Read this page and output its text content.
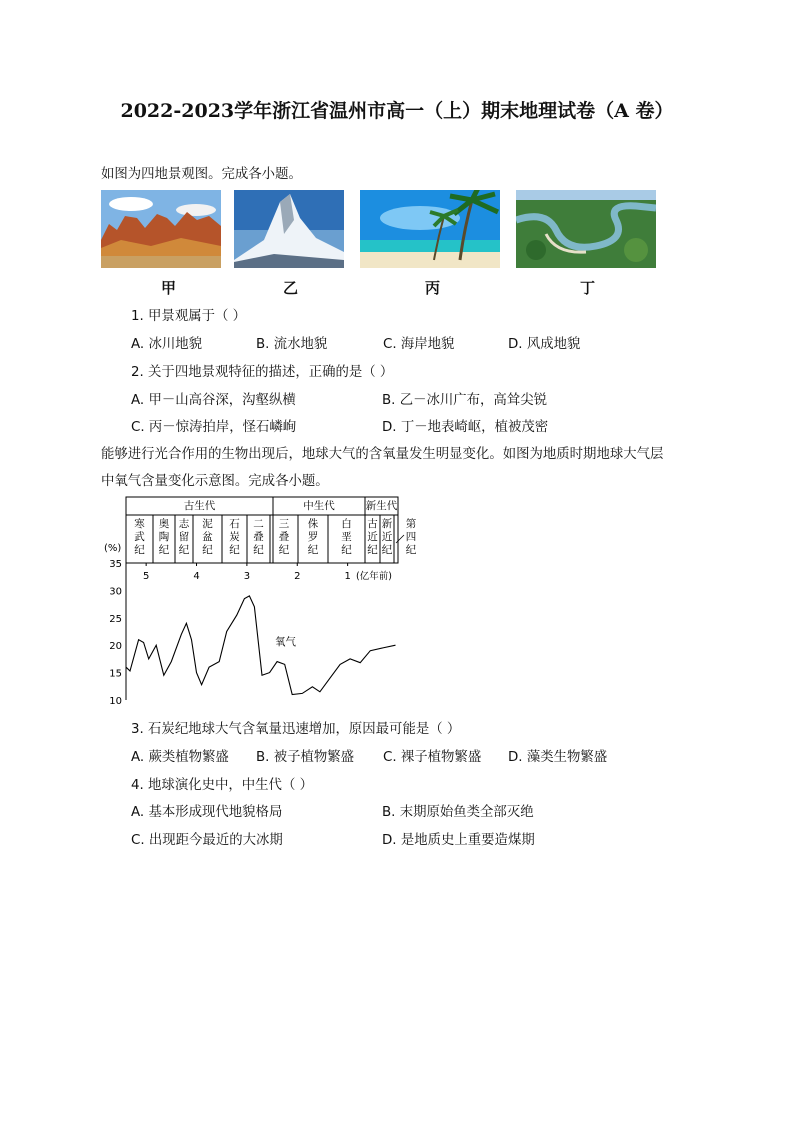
2022-2023学年浙江省温州市高一（上）期末地理试卷（A 卷）
如图为四地景观图。完成各小题。
甲	乙	丙	丁
1. 甲景观属于（ ）
A. 冰川地貌	B. 流水地貌	C. 海岸地貌	D. 风成地貌
2. 关于四地景观特征的描述，正确的是（ ）
A. 甲－山高谷深，沟壑纵横	B. 乙－冰川广布，高耸尖锐
C. 丙－惊涛拍岸，怪石嶙峋	D. 丁－地表崎岖，植被茂密
能够进行光合作用的生物出现后，地球大气的含氧量发生明显变化。如图为地质时期地球大气层
中氧气含量变化示意图。完成各小题。
古生代	中生代	新生代
寒
武
纪
奥
陶
纪
志
留
纪
泥
盆
纪
石
炭
纪
二
叠
纪
三
叠
纪
侏
罗
纪
白
垩
纪
古
近
纪
新
近
纪
第
四
纪
(%)
35
30
25
20
15
10
5	4	3	2	1 (亿年前)
氧气
3. 石炭纪地球大气含氧量迅速增加，原因最可能是（ ）
A. 蕨类植物繁盛 B. 被子植物繁盛 C. 裸子植物繁盛 D. 藻类生物繁盛
4. 地球演化史中，中生代（ ）
A. 基本形成现代地貌格局	B. 末期原始鱼类全部灭绝
C. 出现距今最近的大冰期	D. 是地质史上重要造煤期
